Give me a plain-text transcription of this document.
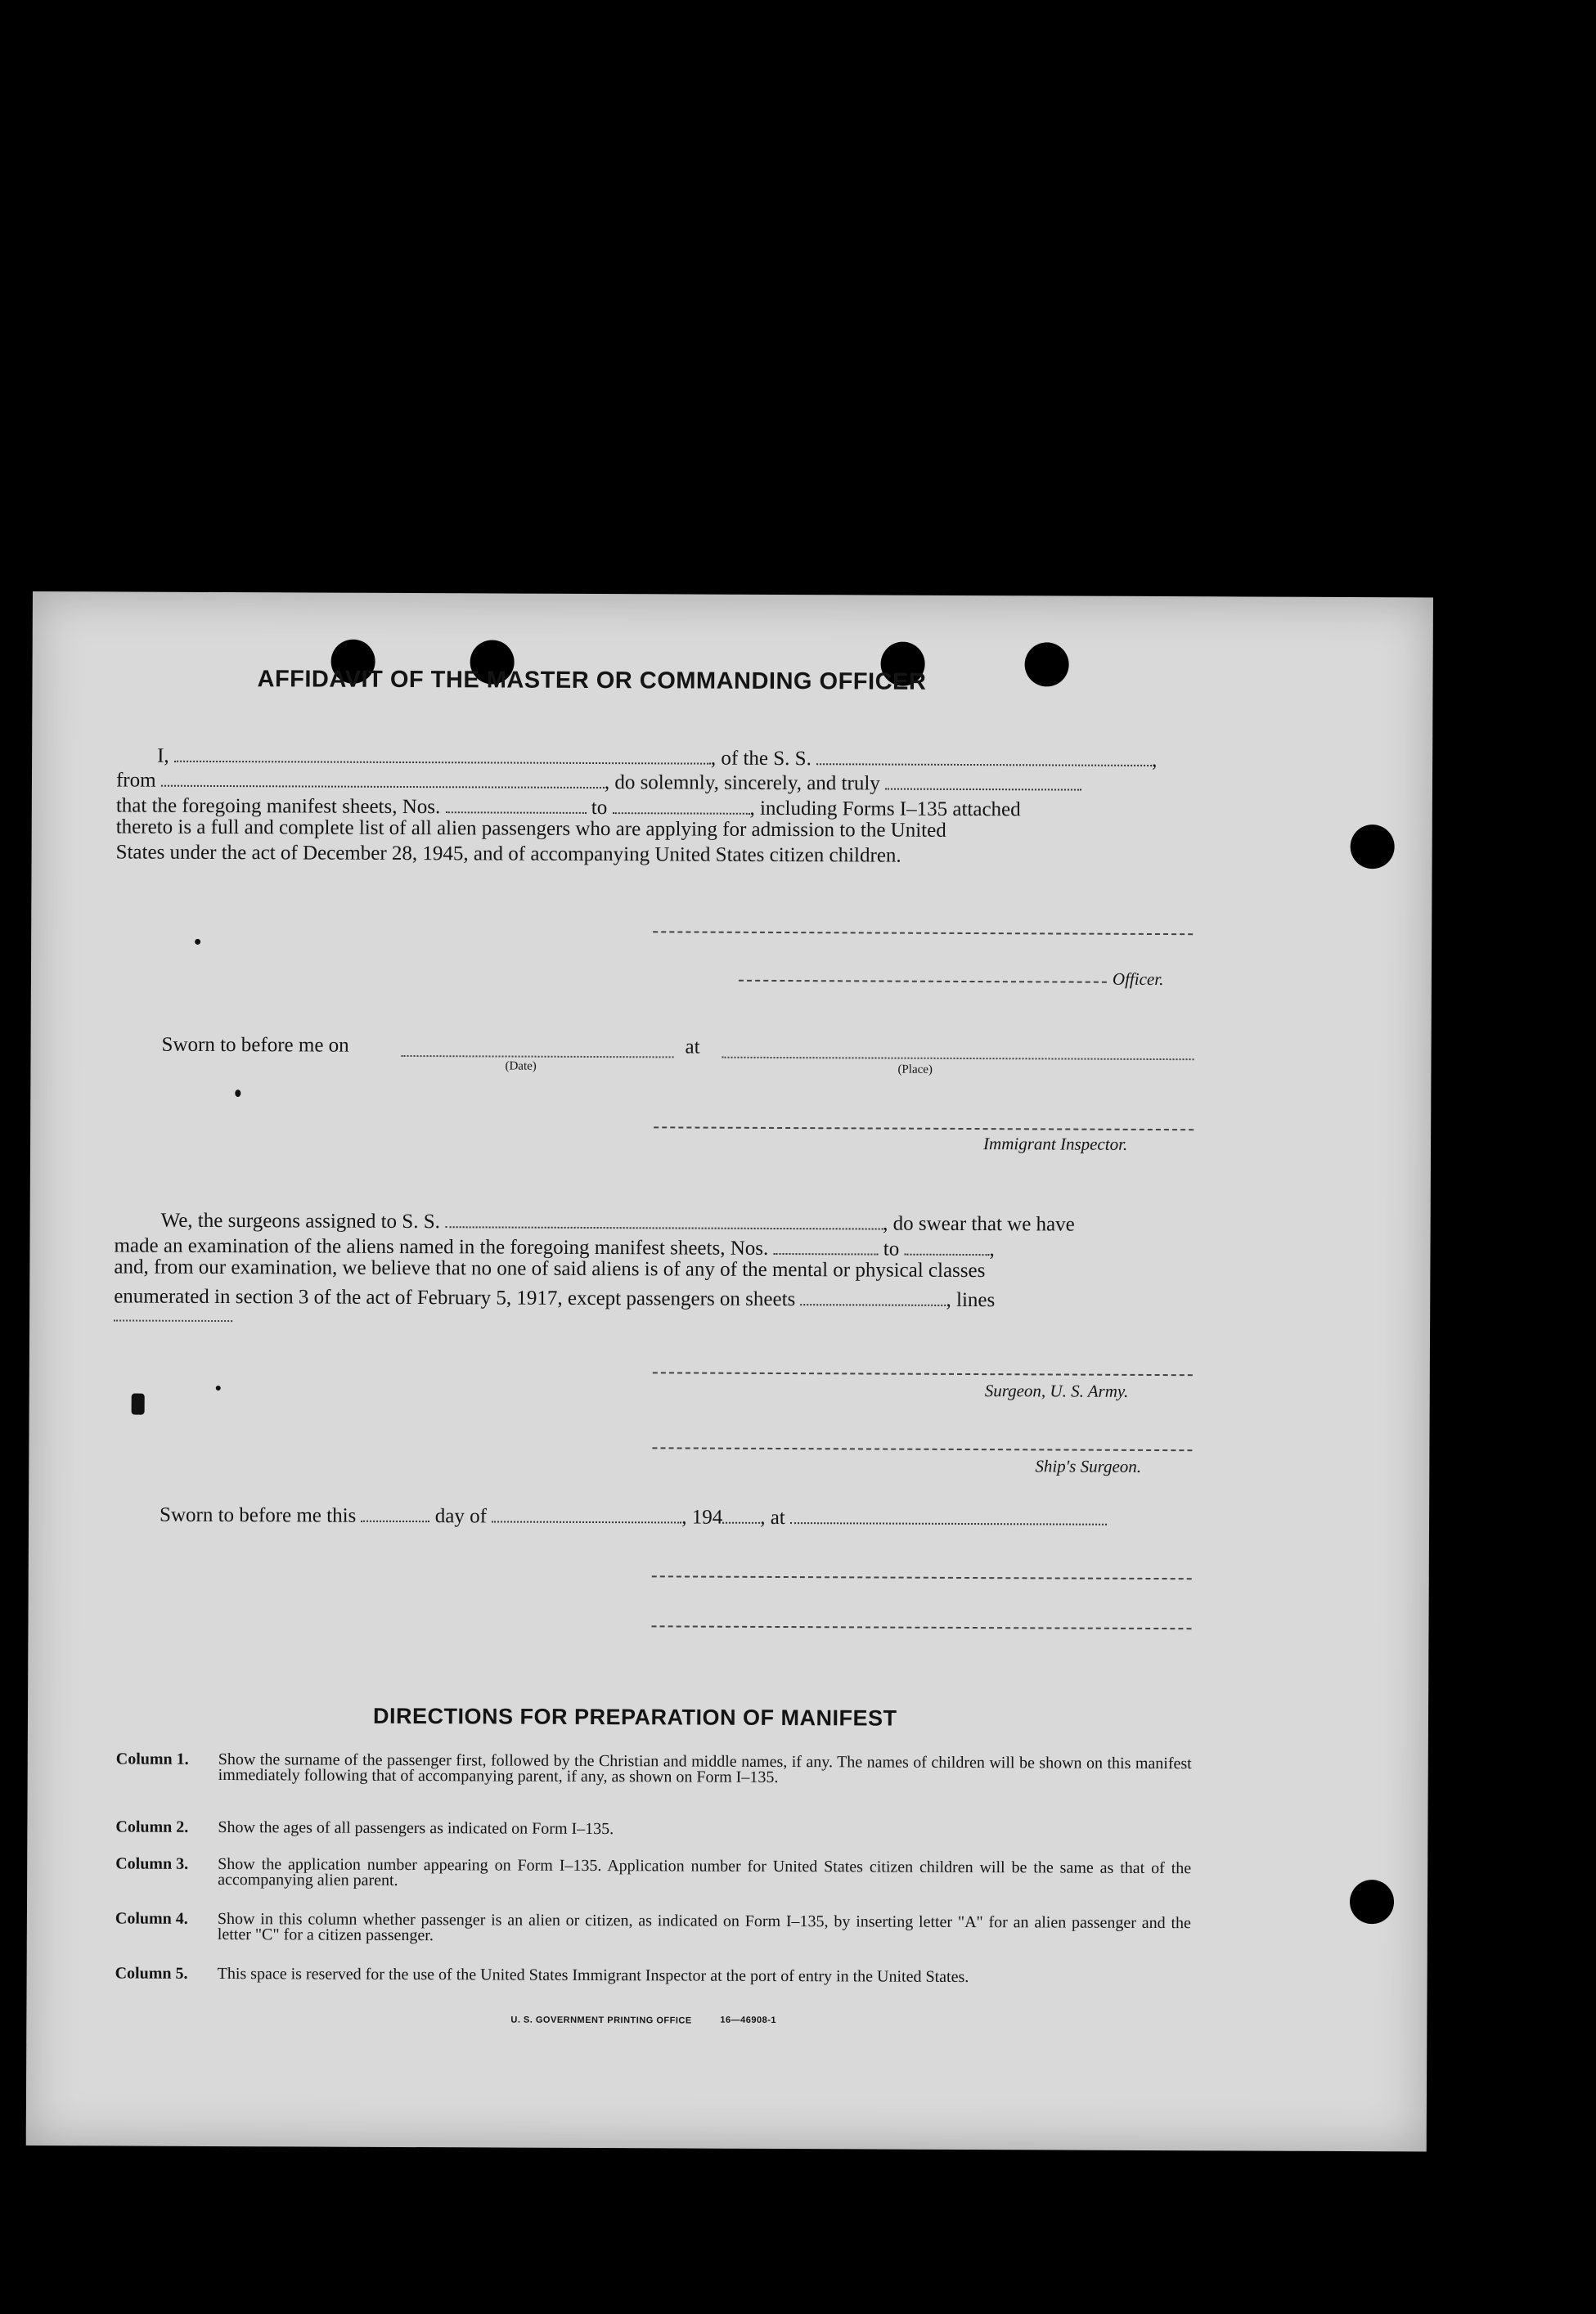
AFFIDAVIT OF THE MASTER OR COMMANDING OFFICER
I,	, of the S. S.	,
from	, do solemnly, sincerely, and truly
that the foregoing manifest sheets, Nos.	to	, including Forms I–135 attached
thereto is a full and complete list of all alien passengers who are applying for admission to the United
States under the act of December 28, 1945, and of accompanying United States citizen children.
Officer.
Sworn to before me on	at
(Date)	(Place)
Immigrant Inspector.
We, the surgeons assigned to S. S.	, do swear that we have
made an examination of the aliens named in the foregoing manifest sheets, Nos.	to	,
and, from our examination, we believe that no one of said aliens is of any of the mental or physical classes
enumerated in section 3 of the act of February 5, 1917, except passengers on sheets	, lines
Surgeon, U. S. Army.
Ship's Surgeon.
Sworn to before me this	day of	, 194 , at
DIRECTIONS FOR PREPARATION OF MANIFEST
Column 1.	Show the surname of the passenger first, followed by the Christian and middle names, if any. The names of children will be shown on this manifest immediately following that of accompanying parent, if any, as shown on Form I–135.
Column 2.	Show the ages of all passengers as indicated on Form I–135.
Column 3.	Show the application number appearing on Form I–135. Application number for United States citizen children will be the same as that of the accompanying alien parent.
Column 4.	Show in this column whether passenger is an alien or citizen, as indicated on Form I–135, by inserting letter "A" for an alien passenger and the letter "C" for a citizen passenger.
Column 5.	This space is reserved for the use of the United States Immigrant Inspector at the port of entry in the United States.
U. S. GOVERNMENT PRINTING OFFICE	16—46908-1
